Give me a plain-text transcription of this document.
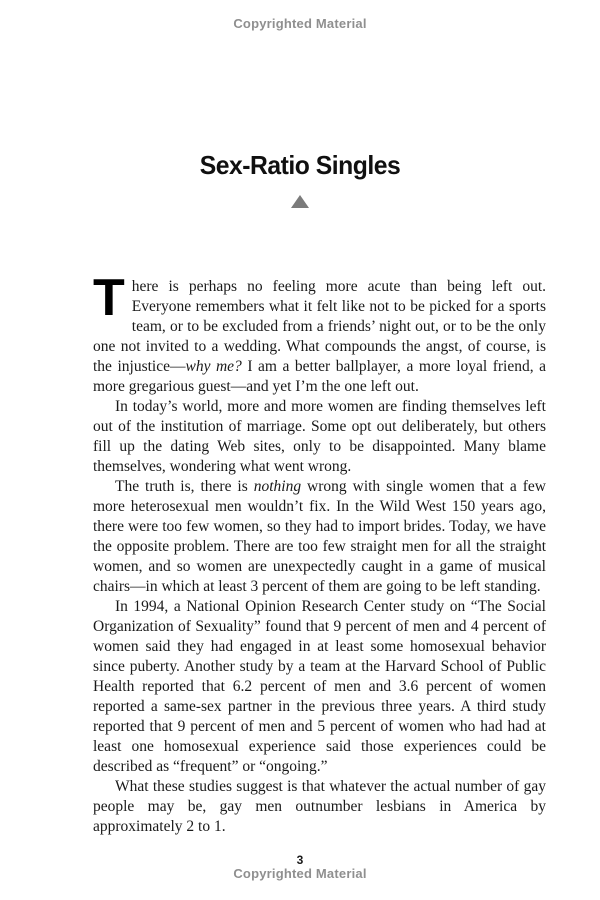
Copyrighted Material
Sex-Ratio Singles

There is perhaps no feeling more acute than being left out. Everyone remembers what it felt like not to be picked for a sports team, or to be excluded from a friends’ night out, or to be the only one not invited to a wedding. What compounds the angst, of course, is the injustice—why me? I am a better ballplayer, a more loyal friend, a more gregarious guest—and yet I’m the one left out.

In today’s world, more and more women are finding themselves left out of the institution of marriage. Some opt out deliberately, but others fill up the dating Web sites, only to be disappointed. Many blame themselves, wondering what went wrong.

The truth is, there is nothing wrong with single women that a few more heterosexual men wouldn’t fix. In the Wild West 150 years ago, there were too few women, so they had to import brides. Today, we have the opposite problem. There are too few straight men for all the straight women, and so women are unexpectedly caught in a game of musical chairs—in which at least 3 percent of them are going to be left standing.

In 1994, a National Opinion Research Center study on “The Social Organization of Sexuality” found that 9 percent of men and 4 percent of women said they had engaged in at least some homosexual behavior since puberty. Another study by a team at the Harvard School of Public Health reported that 6.2 percent of men and 3.6 percent of women reported a same-sex partner in the previous three years. A third study reported that 9 percent of men and 5 percent of women who had had at least one homosexual experience said those experiences could be described as “frequent” or “ongoing.”

What these studies suggest is that whatever the actual number of gay people may be, gay men outnumber lesbians in America by approximately 2 to 1.

3
Copyrighted Material
